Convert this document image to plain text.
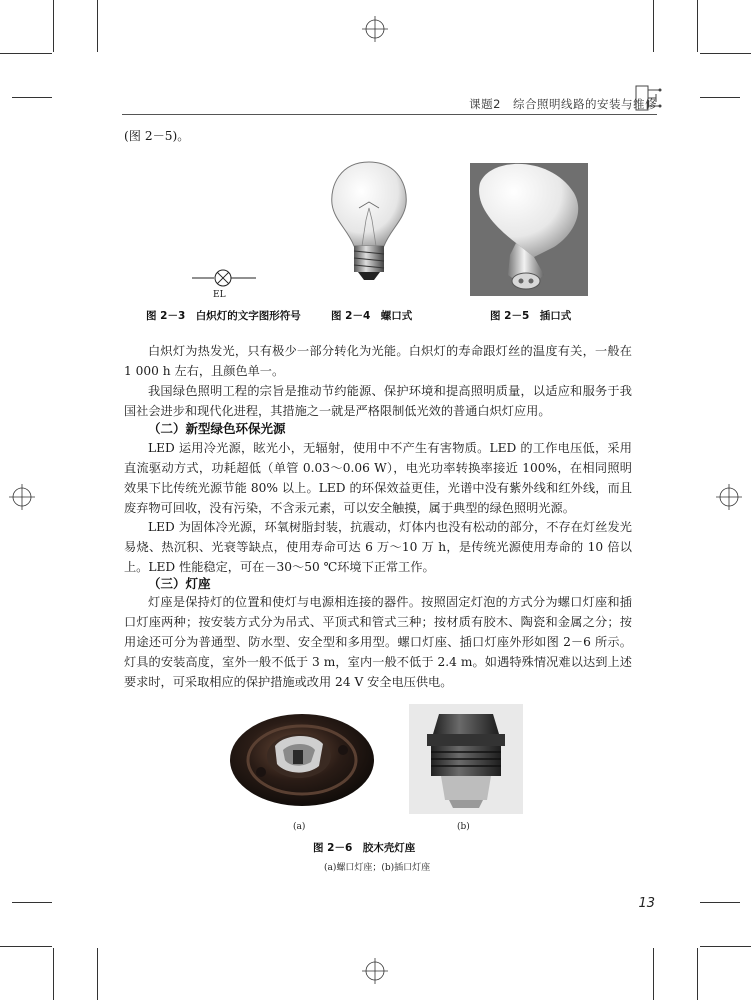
课题2　综合照明线路的安装与维修
(图 2－5)。
EL
图 2－3　白炽灯的文字图形符号	图 2－4　螺口式	图 2－5　插口式
白炽灯为热发光，只有极少一部分转化为光能。白炽灯的寿命跟灯丝的温度有关，一般在 1 000 h 左右，且颜色单一。
我国绿色照明工程的宗旨是推动节约能源、保护环境和提高照明质量，以适应和服务于我国社会进步和现代化进程，其措施之一就是严格限制低光效的普通白炽灯应用。
（二）新型绿色环保光源
LED 运用冷光源，眩光小，无辐射，使用中不产生有害物质。LED 的工作电压低，采用直流驱动方式，功耗超低（单管 0.03～0.06 W），电光功率转换率接近 100%，在相同照明效果下比传统光源节能 80% 以上。LED 的环保效益更佳，光谱中没有紫外线和红外线，而且废弃物可回收，没有污染，不含汞元素，可以安全触摸，属于典型的绿色照明光源。
LED 为固体冷光源，环氧树脂封装，抗震动，灯体内也没有松动的部分，不存在灯丝发光易烧、热沉积、光衰等缺点，使用寿命可达 6 万～10 万 h，是传统光源使用寿命的 10 倍以上。LED 性能稳定，可在－30～50 ℃环境下正常工作。
（三）灯座
灯座是保持灯的位置和使灯与电源相连接的器件。按照固定灯泡的方式分为螺口灯座和插口灯座两种；按安装方式分为吊式、平顶式和管式三种；按材质有胶木、陶瓷和金属之分；按用途还可分为普通型、防水型、安全型和多用型。螺口灯座、插口灯座外形如图 2－6 所示。灯具的安装高度，室外一般不低于 3 m，室内一般不低于 2.4 m。如遇特殊情况难以达到上述要求时，可采取相应的保护措施或改用 24 V 安全电压供电。
(a)	(b)
图 2－6　胶木壳灯座
(a)螺口灯座；(b)插口灯座
13
